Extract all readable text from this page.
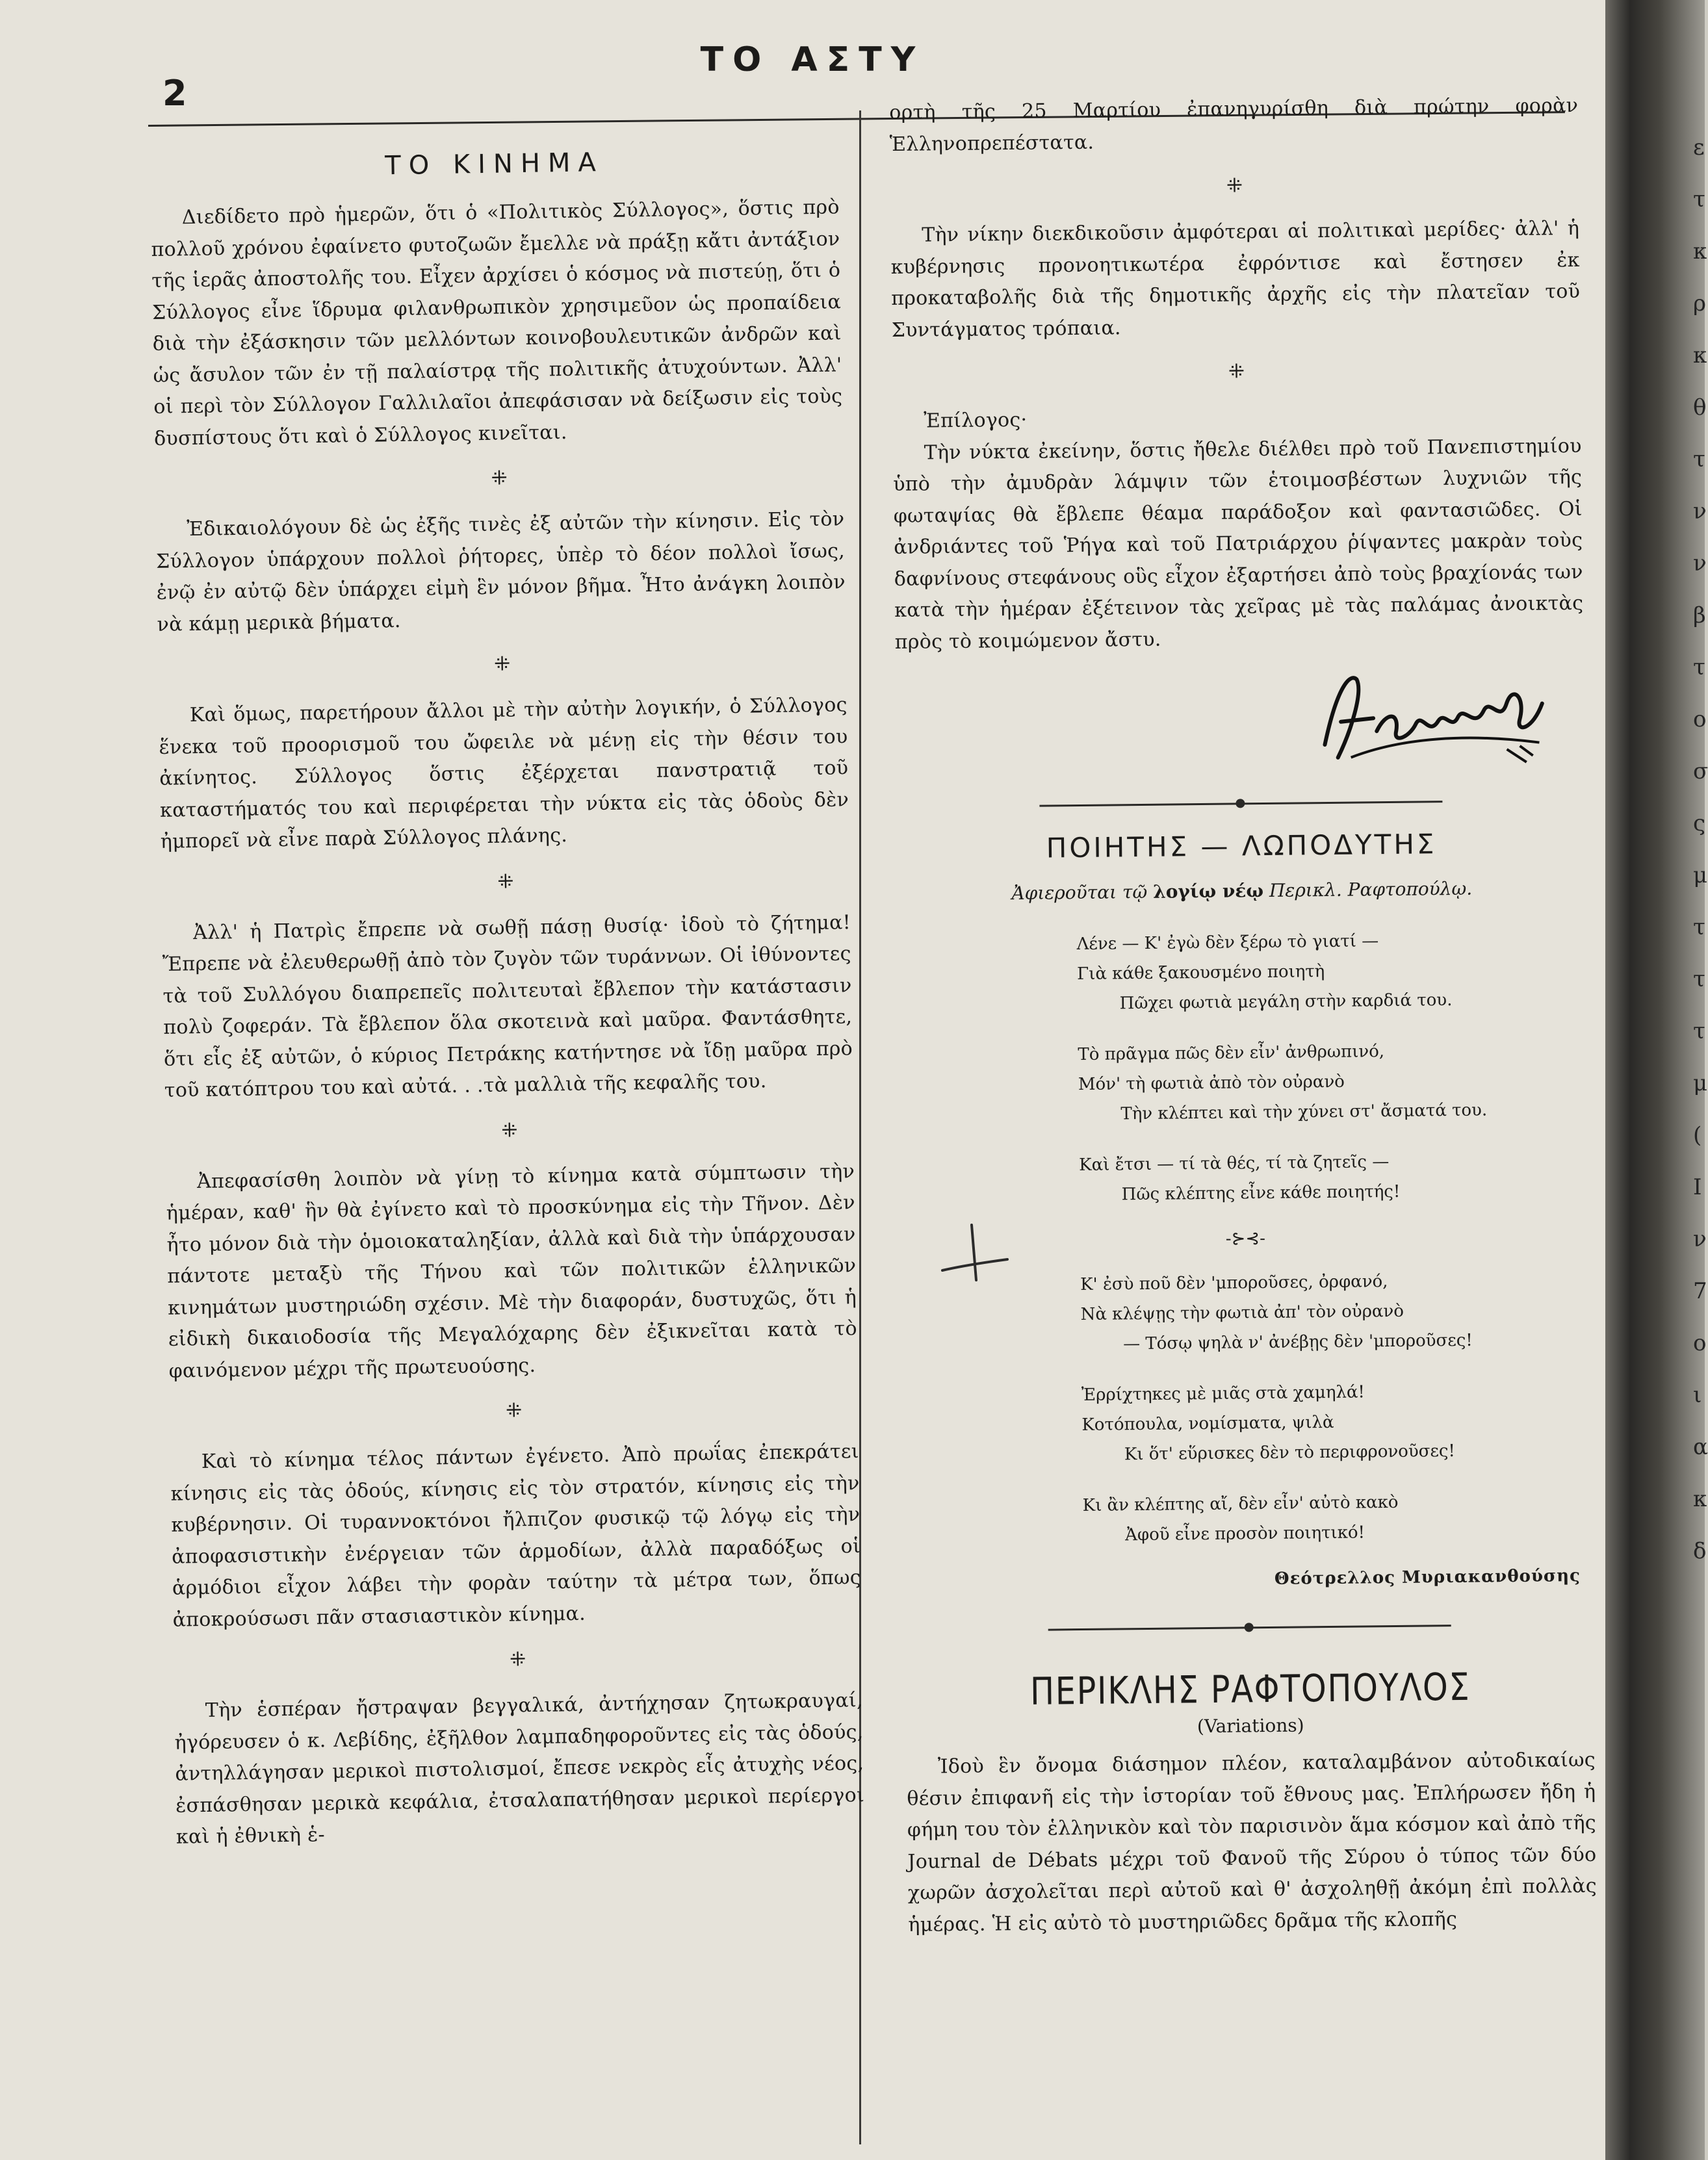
2
ΤΟ ΑΣΤΥ
ΤΟ ΚΙΝΗΜΑ

Διεδίδετο πρὸ ἡμερῶν, ὅτι ὁ «Πολιτικὸς Σύλλογος», ὅστις πρὸ πολλοῦ χρόνου ἐφαίνετο φυτοζωῶν ἔμελλε νὰ πράξῃ κἄτι ἀντάξιον τῆς ἱερᾶς ἀποστολῆς του. Εἶχεν ἀρχίσει ὁ κόσμος νὰ πιστεύῃ, ὅτι ὁ Σύλλογος εἶνε ἵδρυμα φιλανθρωπικὸν χρησιμεῦον ὡς προπαίδεια διὰ τὴν ἐξάσκησιν τῶν μελλόντων κοινοβουλευτικῶν ἀνδρῶν καὶ ὡς ἄσυλον τῶν ἐν τῇ παλαίστρᾳ τῆς πολιτικῆς ἀτυχούντων. Ἀλλ' οἱ περὶ τὸν Σύλλογον Γαλλιλαῖοι ἀπεφάσισαν νὰ δείξωσιν εἰς τοὺς δυσπίστους ὅτι καὶ ὁ Σύλλογος κινεῖται.

⁜

Ἐδικαιολόγουν δὲ ὡς ἐξῆς τινὲς ἐξ αὐτῶν τὴν κίνησιν. Εἰς τὸν Σύλλογον ὑπάρχουν πολλοὶ ῥήτορες, ὑπὲρ τὸ δέον πολλοὶ ἴσως, ἐνῷ ἐν αὐτῷ δὲν ὑπάρχει εἰμὴ ἓν μόνον βῆμα. Ἦτο ἀνάγκη λοιπὸν νὰ κάμῃ μερικὰ βήματα.

⁜

Καὶ ὅμως, παρετήρουν ἄλλοι μὲ τὴν αὐτὴν λογικήν, ὁ Σύλλογος ἕνεκα τοῦ προορισμοῦ του ὤφειλε νὰ μένῃ εἰς τὴν θέσιν του ἀκίνητος. Σύλλογος ὅστις ἐξέρχεται πανστρατιᾷ τοῦ καταστήματός του καὶ περιφέρεται τὴν νύκτα εἰς τὰς ὁδοὺς δὲν ἠμπορεῖ νὰ εἶνε παρὰ Σύλλογος πλάνης.

⁜

Ἀλλ' ἡ Πατρὶς ἔπρεπε νὰ σωθῇ πάσῃ θυσίᾳ· ἰδοὺ τὸ ζήτημα! Ἔπρεπε νὰ ἐλευθερωθῇ ἀπὸ τὸν ζυγὸν τῶν τυράννων. Οἱ ἰθύνοντες τὰ τοῦ Συλλόγου διαπρεπεῖς πολιτευταὶ ἔβλεπον τὴν κατάστασιν πολὺ ζοφεράν. Τὰ ἔβλεπον ὅλα σκοτεινὰ καὶ μαῦρα. Φαντάσθητε, ὅτι εἷς ἐξ αὐτῶν, ὁ κύριος Πετράκης κατήντησε νὰ ἴδῃ μαῦρα πρὸ τοῦ κατόπτρου του καὶ αὐτά. . .τὰ μαλλιὰ τῆς κεφαλῆς του.

⁜

Ἀπεφασίσθη λοιπὸν νὰ γίνῃ τὸ κίνημα κατὰ σύμπτωσιν τὴν ἡμέραν, καθ' ἣν θὰ ἐγίνετο καὶ τὸ προσκύνημα εἰς τὴν Τῆνον. Δὲν ἦτο μόνον διὰ τὴν ὁμοιοκαταληξίαν, ἀλλὰ καὶ διὰ τὴν ὑπάρχουσαν πάντοτε μεταξὺ τῆς Τήνου καὶ τῶν πολιτικῶν ἑλληνικῶν κινημάτων μυστηριώδη σχέσιν. Μὲ τὴν διαφοράν, δυστυχῶς, ὅτι ἡ εἰδικὴ δικαιοδοσία τῆς Μεγαλόχαρης δὲν ἐξικνεῖται κατὰ τὸ φαινόμενον μέχρι τῆς πρωτευούσης.

⁜

Καὶ τὸ κίνημα τέλος πάντων ἐγένετο. Ἀπὸ πρωΐας ἐπεκράτει κίνησις εἰς τὰς ὁδούς, κίνησις εἰς τὸν στρατόν, κίνησις εἰς τὴν κυβέρνησιν. Οἱ τυραννοκτόνοι ἤλπιζον φυσικῷ τῷ λόγῳ εἰς τὴν ἀποφασιστικὴν ἐνέργειαν τῶν ἁρμοδίων, ἀλλὰ παραδόξως οἱ ἁρμόδιοι εἶχον λάβει τὴν φορὰν ταύτην τὰ μέτρα των, ὅπως ἀποκρούσωσι πᾶν στασιαστικὸν κίνημα.

⁜

Τὴν ἑσπέραν ἤστραψαν βεγγαλικά, ἀντήχησαν ζητωκραυγαί, ἠγόρευσεν ὁ κ. Λεβίδης, ἐξῆλθον λαμπαδηφοροῦντες εἰς τὰς ὁδούς, ἀντηλλάγησαν μερικοὶ πιστολισμοί, ἔπεσε νεκρὸς εἷς ἀτυχὴς νέος, ἐσπάσθησαν μερικὰ κεφάλια, ἐτσαλαπατήθησαν μερικοὶ περίεργοι καὶ ἡ ἐθνικὴ ἑ-

ορτὴ τῆς 25 Μαρτίου ἐπανηγυρίσθη διὰ πρώτην φορὰν Ἑλληνοπρεπέστατα.

⁜

Τὴν νίκην διεκδικοῦσιν ἀμφότεραι αἱ πολιτικαὶ μερίδες· ἀλλ' ἡ κυβέρνησις προνοητικωτέρα ἐφρόντισε καὶ ἔστησεν ἐκ προκαταβολῆς διὰ τῆς δημοτικῆς ἀρχῆς εἰς τὴν πλατεῖαν τοῦ Συντάγματος τρόπαια.

⁜

Ἐπίλογος·

Τὴν νύκτα ἐκείνην, ὅστις ἤθελε διέλθει πρὸ τοῦ Πανεπιστημίου ὑπὸ τὴν ἀμυδρὰν λάμψιν τῶν ἑτοιμοσβέστων λυχνιῶν τῆς φωταψίας θὰ ἔβλεπε θέαμα παράδοξον καὶ φαντασιῶδες. Οἱ ἀνδριάντες τοῦ Ῥήγα καὶ τοῦ Πατριάρχου ῥίψαντες μακρὰν τοὺς δαφνίνους στεφάνους οὓς εἶχον ἐξαρτήσει ἀπὸ τοὺς βραχίονάς των κατὰ τὴν ἡμέραν ἐξέτεινον τὰς χεῖρας μὲ τὰς παλάμας ἀνοικτὰς πρὸς τὸ κοιμώμενον ἄστυ.

ΠΟΙΗΤΗΣ — ΛΩΠΟΔΥΤΗΣ
Ἀφιεροῦται τῷ λογίῳ νέῳ Περικλ. Ραφτοπούλῳ.
Λένε — Κ' ἐγὼ δὲν ξέρω τὸ γιατί —
Γιὰ κάθε ξακουσμένο ποιητὴ
Πῶχει φωτιὰ μεγάλη στὴν καρδιά του.
Τὸ πρᾶγμα πῶς δὲν εἶν' ἀνθρωπινό,
Μόν' τὴ φωτιὰ ἀπὸ τὸν οὐρανὸ
Τὴν κλέπτει καὶ τὴν χύνει στ' ἄσματά του.
Καὶ ἔτσι — τί τὰ θές, τί τὰ ζητεῖς —
Πῶς κλέπτης εἶνε κάθε ποιητής!
-⊱⊰-
Κ' ἐσὺ ποῦ δὲν 'μποροῦσες, ὀρφανό,
Νὰ κλέψῃς τὴν φωτιὰ ἀπ' τὸν οὐρανὸ
— Τόσῳ ψηλὰ ν' ἀνέβῃς δὲν 'μποροῦσες!
Ἐρρίχτηκες μὲ μιᾶς στὰ χαμηλά!
Κοτόπουλα, νομίσματα, ψιλὰ
Κι ὅτ' εὕρισκες δὲν τὸ περιφρονοῦσες!
Κι ἂν κλέπτης αἴ, δὲν εἶν' αὐτὸ κακὸ
Ἀφοῦ εἶνε προσὸν ποιητικό!
Θεότρελλος Μυριακανθούσης
ΠΕΡΙΚΛΗΣ ΡΑΦΤΟΠΟΥΛΟΣ
(Variations)

Ἰδοὺ ἓν ὄνομα διάσημον πλέον, καταλαμβάνον αὐτοδικαίως θέσιν ἐπιφανῆ εἰς τὴν ἱστορίαν τοῦ ἔθνους μας. Ἐπλήρωσεν ἤδη ἡ φήμη του τὸν ἑλληνικὸν καὶ τὸν παρισινὸν ἅμα κόσμον καὶ ἀπὸ τῆς Journal de Débats μέχρι τοῦ Φανοῦ τῆς Σύρου ὁ τύπος τῶν δύο χωρῶν ἀσχολεῖται περὶ αὐτοῦ καὶ θ' ἀσχοληθῇ ἀκόμη ἐπὶ πολλὰς ἡμέρας. Ἡ εἰς αὐτὸ τὸ μυστηριῶδες δρᾶμα τῆς κλοπῆς

ε
τ
κ
ρ
κ
θ
τ
ν
ν
β
τ
ο
σ
ς
μ
τ
τ
τ
μ
(
Ι
ν
7
ο
ι
α
κ
δ
